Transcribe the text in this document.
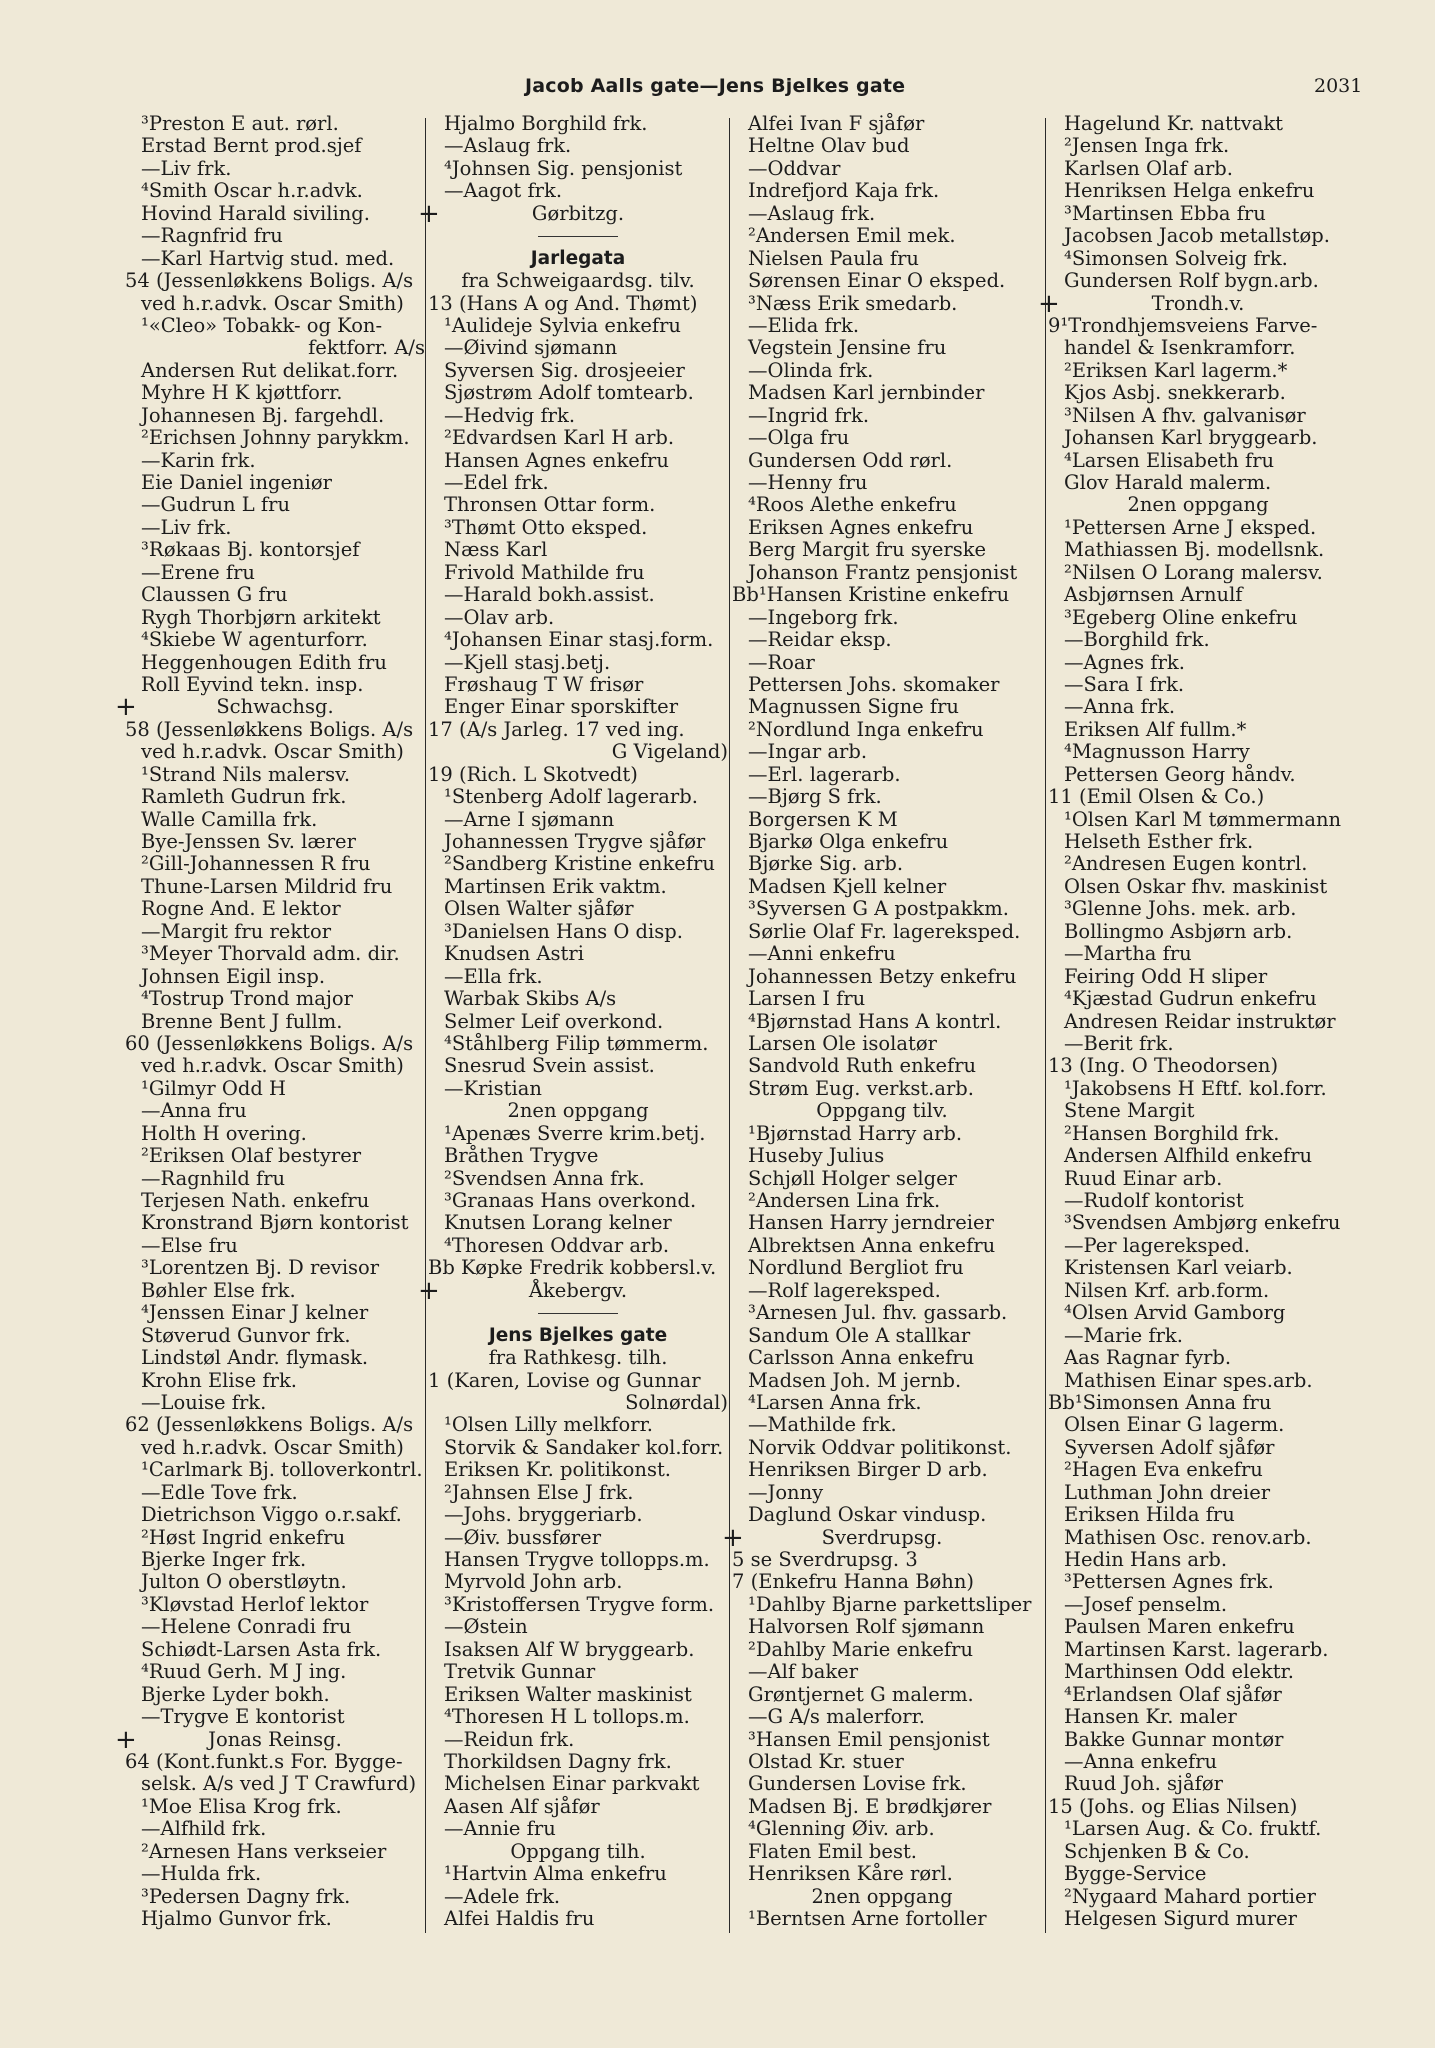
Jacob Aalls gate—Jens Bjelkes gate	2031
³Preston E aut. rørl.
Erstad Bernt prod.sjef
—Liv frk.
⁴Smith Oscar h.r.advk.
Hovind Harald siviling.
—Ragnfrid fru
—Karl Hartvig stud. med.
54 (Jessenløkkens Boligs. A/s
ved h.r.advk. Oscar Smith)
¹«Cleo» Tobakk- og Kon-
fektforr. A/s
Andersen Rut delikat.forr.
Myhre H K kjøttforr.
Johannesen Bj. fargehdl.
²Erichsen Johnny parykkm.
—Karin frk.
Eie Daniel ingeniør
—Gudrun L fru
—Liv frk.
³Røkaas Bj. kontorsjef
—Erene fru
Claussen G fru
Rygh Thorbjørn arkitekt
⁴Skiebe W agenturforr.
Heggenhougen Edith fru
Roll Eyvind tekn. insp.
+	Schwachsg.
58 (Jessenløkkens Boligs. A/s
ved h.r.advk. Oscar Smith)
¹Strand Nils malersv.
Ramleth Gudrun frk.
Walle Camilla frk.
Bye-Jenssen Sv. lærer
²Gill-Johannessen R fru
Thune-Larsen Mildrid fru
Rogne And. E lektor
—Margit fru rektor
³Meyer Thorvald adm. dir.
Johnsen Eigil insp.
⁴Tostrup Trond major
Brenne Bent J fullm.
60 (Jessenløkkens Boligs. A/s
ved h.r.advk. Oscar Smith)
¹Gilmyr Odd H
—Anna fru
Holth H overing.
²Eriksen Olaf bestyrer
—Ragnhild fru
Terjesen Nath. enkefru
Kronstrand Bjørn kontorist
—Else fru
³Lorentzen Bj. D revisor
Bøhler Else frk.
⁴Jenssen Einar J kelner
Støverud Gunvor frk.
Lindstøl Andr. flymask.
Krohn Elise frk.
—Louise frk.
62 (Jessenløkkens Boligs. A/s
ved h.r.advk. Oscar Smith)
¹Carlmark Bj. tolloverkontrl.
—Edle Tove frk.
Dietrichson Viggo o.r.sakf.
²Høst Ingrid enkefru
Bjerke Inger frk.
Julton O oberstløytn.
³Kløvstad Herlof lektor
—Helene Conradi fru
Schiødt-Larsen Asta frk.
⁴Ruud Gerh. M J ing.
Bjerke Lyder bokh.
—Trygve E kontorist
+	Jonas Reinsg.
64 (Kont.funkt.s For. Bygge-
selsk. A/s ved J T Crawfurd)
¹Moe Elisa Krog frk.
—Alfhild frk.
²Arnesen Hans verkseier
—Hulda frk.
³Pedersen Dagny frk.
Hjalmo Gunvor frk.
Hjalmo Borghild frk.
—Aslaug frk.
⁴Johnsen Sig. pensjonist
—Aagot frk.
+	Gørbitzg.
Jarlegata
fra Schweigaardsg. tilv.
13 (Hans A og And. Thømt)
¹Aulideje Sylvia enkefru
—Øivind sjømann
Syversen Sig. drosjeeier
Sjøstrøm Adolf tomtearb.
—Hedvig frk.
²Edvardsen Karl H arb.
Hansen Agnes enkefru
—Edel frk.
Thronsen Ottar form.
³Thømt Otto eksped.
Næss Karl
Frivold Mathilde fru
—Harald bokh.assist.
—Olav arb.
⁴Johansen Einar stasj.form.
—Kjell stasj.betj.
Frøshaug T W frisør
Enger Einar sporskifter
17 (A/s Jarleg. 17 ved ing.
G Vigeland)
19 (Rich. L Skotvedt)
¹Stenberg Adolf lagerarb.
—Arne I sjømann
Johannessen Trygve sjåfør
²Sandberg Kristine enkefru
Martinsen Erik vaktm.
Olsen Walter sjåfør
³Danielsen Hans O disp.
Knudsen Astri
—Ella frk.
Warbak Skibs A/s
Selmer Leif overkond.
⁴Ståhlberg Filip tømmerm.
Snesrud Svein assist.
—Kristian
2nen oppgang
¹Apenæs Sverre krim.betj.
Bråthen Trygve
²Svendsen Anna frk.
³Granaas Hans overkond.
Knutsen Lorang kelner
⁴Thoresen Oddvar arb.
Bb Køpke Fredrik kobbersl.v.
+	Åkebergv.
Jens Bjelkes gate
fra Rathkesg. tilh.
1 (Karen, Lovise og Gunnar
Solnørdal)
¹Olsen Lilly melkforr.
Storvik & Sandaker kol.forr.
Eriksen Kr. politikonst.
²Jahnsen Else J frk.
—Johs. bryggeriarb.
—Øiv. bussfører
Hansen Trygve tollopps.m.
Myrvold John arb.
³Kristoffersen Trygve form.
—Østein
Isaksen Alf W bryggearb.
Tretvik Gunnar
Eriksen Walter maskinist
⁴Thoresen H L tollops.m.
—Reidun frk.
Thorkildsen Dagny frk.
Michelsen Einar parkvakt
Aasen Alf sjåfør
—Annie fru
Oppgang tilh.
¹Hartvin Alma enkefru
—Adele frk.
Alfei Haldis fru
Alfei Ivan F sjåfør
Heltne Olav bud
—Oddvar
Indrefjord Kaja frk.
—Aslaug frk.
²Andersen Emil mek.
Nielsen Paula fru
Sørensen Einar O eksped.
³Næss Erik smedarb.
—Elida frk.
Vegstein Jensine fru
—Olinda frk.
Madsen Karl jernbinder
—Ingrid frk.
—Olga fru
Gundersen Odd rørl.
—Henny fru
⁴Roos Alethe enkefru
Eriksen Agnes enkefru
Berg Margit fru syerske
Johanson Frantz pensjonist
Bb¹Hansen Kristine enkefru
—Ingeborg frk.
—Reidar eksp.
—Roar
Pettersen Johs. skomaker
Magnussen Signe fru
²Nordlund Inga enkefru
—Ingar arb.
—Erl. lagerarb.
—Bjørg S frk.
Borgersen K M
Bjarkø Olga enkefru
Bjørke Sig. arb.
Madsen Kjell kelner
³Syversen G A postpakkm.
Sørlie Olaf Fr. lagereksped.
—Anni enkefru
Johannessen Betzy enkefru
Larsen I fru
⁴Bjørnstad Hans A kontrl.
Larsen Ole isolatør
Sandvold Ruth enkefru
Strøm Eug. verkst.arb.
Oppgang tilv.
¹Bjørnstad Harry arb.
Huseby Julius
Schjøll Holger selger
²Andersen Lina frk.
Hansen Harry jerndreier
Albrektsen Anna enkefru
Nordlund Bergliot fru
—Rolf lagereksped.
³Arnesen Jul. fhv. gassarb.
Sandum Ole A stallkar
Carlsson Anna enkefru
Madsen Joh. M jernb.
⁴Larsen Anna frk.
—Mathilde frk.
Norvik Oddvar politikonst.
Henriksen Birger D arb.
—Jonny
Daglund Oskar vindusp.
+	Sverdrupsg.
5 se Sverdrupsg. 3
7 (Enkefru Hanna Bøhn)
¹Dahlby Bjarne parkettsliper
Halvorsen Rolf sjømann
²Dahlby Marie enkefru
—Alf baker
Grøntjernet G malerm.
—G A/s malerforr.
³Hansen Emil pensjonist
Olstad Kr. stuer
Gundersen Lovise frk.
Madsen Bj. E brødkjører
⁴Glenning Øiv. arb.
Flaten Emil best.
Henriksen Kåre rørl.
2nen oppgang
¹Berntsen Arne fortoller
Hagelund Kr. nattvakt
²Jensen Inga frk.
Karlsen Olaf arb.
Henriksen Helga enkefru
³Martinsen Ebba fru
Jacobsen Jacob metallstøp.
⁴Simonsen Solveig frk.
Gundersen Rolf bygn.arb.
+	Trondh.v.
9¹Trondhjemsveiens Farve-
handel & Isenkramforr.
²Eriksen Karl lagerm.*
Kjos Asbj. snekkerarb.
³Nilsen A fhv. galvanisør
Johansen Karl bryggearb.
⁴Larsen Elisabeth fru
Glov Harald malerm.
2nen oppgang
¹Pettersen Arne J eksped.
Mathiassen Bj. modellsnk.
²Nilsen O Lorang malersv.
Asbjørnsen Arnulf
³Egeberg Oline enkefru
—Borghild frk.
—Agnes frk.
—Sara I frk.
—Anna frk.
Eriksen Alf fullm.*
⁴Magnusson Harry
Pettersen Georg håndv.
11 (Emil Olsen & Co.)
¹Olsen Karl M tømmermann
Helseth Esther frk.
²Andresen Eugen kontrl.
Olsen Oskar fhv. maskinist
³Glenne Johs. mek. arb.
Bollingmo Asbjørn arb.
—Martha fru
Feiring Odd H sliper
⁴Kjæstad Gudrun enkefru
Andresen Reidar instruktør
—Berit frk.
13 (Ing. O Theodorsen)
¹Jakobsens H Eftf. kol.forr.
Stene Margit
²Hansen Borghild frk.
Andersen Alfhild enkefru
Ruud Einar arb.
—Rudolf kontorist
³Svendsen Ambjørg enkefru
—Per lagereksped.
Kristensen Karl veiarb.
Nilsen Krf. arb.form.
⁴Olsen Arvid Gamborg
—Marie frk.
Aas Ragnar fyrb.
Mathisen Einar spes.arb.
Bb¹Simonsen Anna fru
Olsen Einar G lagerm.
Syversen Adolf sjåfør
²Hagen Eva enkefru
Luthman John dreier
Eriksen Hilda fru
Mathisen Osc. renov.arb.
Hedin Hans arb.
³Pettersen Agnes frk.
—Josef penselm.
Paulsen Maren enkefru
Martinsen Karst. lagerarb.
Marthinsen Odd elektr.
⁴Erlandsen Olaf sjåfør
Hansen Kr. maler
Bakke Gunnar montør
—Anna enkefru
Ruud Joh. sjåfør
15 (Johs. og Elias Nilsen)
¹Larsen Aug. & Co. fruktf.
Schjenken B & Co.
Bygge-Service
²Nygaard Mahard portier
Helgesen Sigurd murer
